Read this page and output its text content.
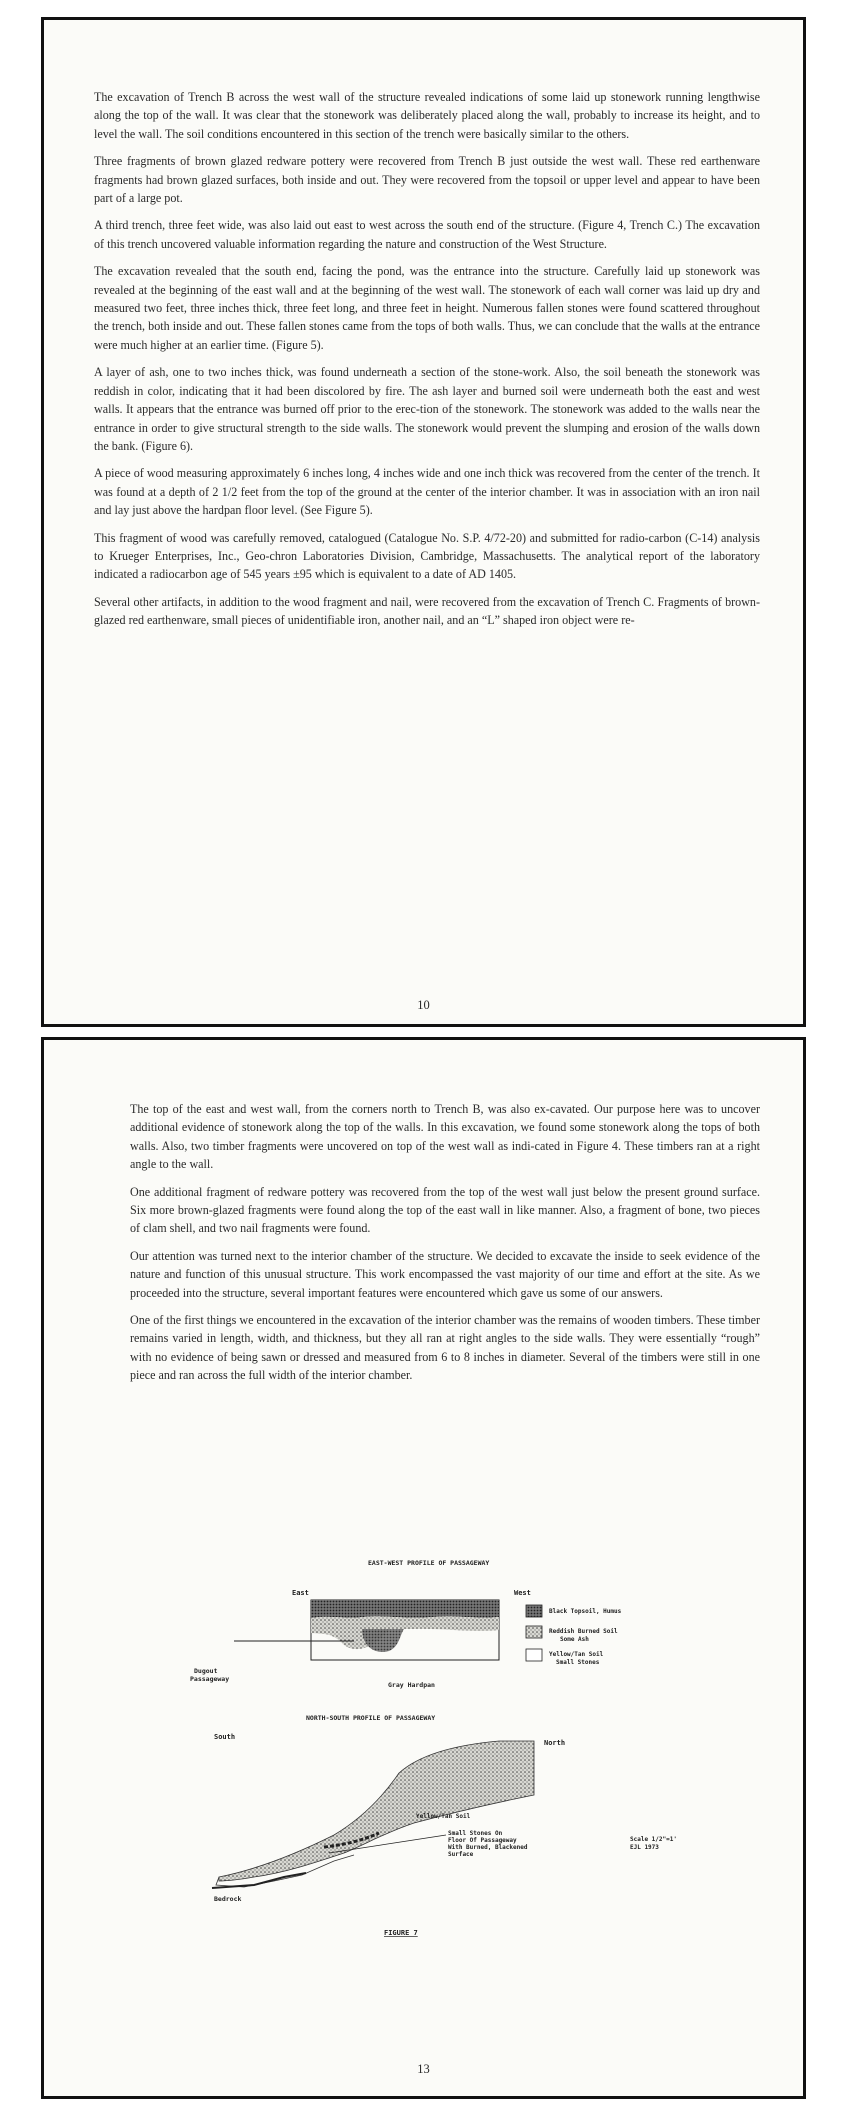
The excavation of Trench B across the west wall of the structure revealed indications of some laid up stonework running lengthwise along the top of the wall. It was clear that the stonework was deliberately placed along the wall, probably to increase its height, and to level the wall. The soil conditions encountered in this section of the trench were basically similar to the others.

Three fragments of brown glazed redware pottery were recovered from Trench B just outside the west wall. These red earthenware fragments had brown glazed surfaces, both inside and out. They were recovered from the topsoil or upper level and appear to have been part of a large pot.

A third trench, three feet wide, was also laid out east to west across the south end of the structure. (Figure 4, Trench C.) The excavation of this trench uncovered valuable information regarding the nature and construction of the West Structure.

The excavation revealed that the south end, facing the pond, was the entrance into the structure. Carefully laid up stonework was revealed at the beginning of the east wall and at the beginning of the west wall. The stonework of each wall corner was laid up dry and measured two feet, three inches thick, three feet long, and three feet in height. Numerous fallen stones were found scattered throughout the trench, both inside and out. These fallen stones came from the tops of both walls. Thus, we can conclude that the walls at the entrance were much higher at an earlier time. (Figure 5).

A layer of ash, one to two inches thick, was found underneath a section of the stone-work. Also, the soil beneath the stonework was reddish in color, indicating that it had been discolored by fire. The ash layer and burned soil were underneath both the east and west walls. It appears that the entrance was burned off prior to the erec-tion of the stonework. The stonework was added to the walls near the entrance in order to give structural strength to the side walls. The stonework would prevent the slumping and erosion of the walls down the bank. (Figure 6).

A piece of wood measuring approximately 6 inches long, 4 inches wide and one inch thick was recovered from the center of the trench. It was found at a depth of 2 1/2 feet from the top of the ground at the center of the interior chamber. It was in association with an iron nail and lay just above the hardpan floor level. (See Figure 5).

This fragment of wood was carefully removed, catalogued (Catalogue No. S.P. 4/72-20) and submitted for radio-carbon (C-14) analysis to Krueger Enterprises, Inc., Geo-chron Laboratories Division, Cambridge, Massachusetts. The analytical report of the laboratory indicated a radiocarbon age of 545 years ±95 which is equivalent to a date of AD 1405.

Several other artifacts, in addition to the wood fragment and nail, were recovered from the excavation of Trench C. Fragments of brown-glazed red earthenware, small pieces of unidentifiable iron, another nail, and an “L” shaped iron object were re-

10

The top of the east and west wall, from the corners north to Trench B, was also ex-cavated. Our purpose here was to uncover additional evidence of stonework along the top of the walls. In this excavation, we found some stonework along the tops of both walls. Also, two timber fragments were uncovered on top of the west wall as indi-cated in Figure 4. These timbers ran at a right angle to the wall.

One additional fragment of redware pottery was recovered from the top of the west wall just below the present ground surface. Six more brown-glazed fragments were found along the top of the east wall in like manner. Also, a fragment of bone, two pieces of clam shell, and two nail fragments were found.

Our attention was turned next to the interior chamber of the structure. We decided to excavate the inside to seek evidence of the nature and function of this unusual structure. This work encompassed the vast majority of our time and effort at the site. As we proceeded into the structure, several important features were encountered which gave us some of our answers.

One of the first things we encountered in the excavation of the interior chamber was the remains of wooden timbers. These timber remains varied in length, width, and thickness, but they all ran at right angles to the side walls. They were essentially “rough” with no evidence of being sawn or dressed and measured from 6 to 8 inches in diameter. Several of the timbers were still in one piece and ran across the full width of the interior chamber.

EAST-WEST PROFILE OF PASSAGEWAY
East	West
Dugout
Passageway
Gray Hardpan
Black Topsoil, Humus
Reddish Burned Soil
Some Ash
Yellow/Tan Soil
Small Stones
NORTH-SOUTH PROFILE OF PASSAGEWAY
South
North
Yellow/Tan Soil
Small Stones On
Floor Of Passageway
With Burned, Blackened
Surface
Bedrock
Scale 1/2"=1'
EJL 1973
FIGURE 7
13
